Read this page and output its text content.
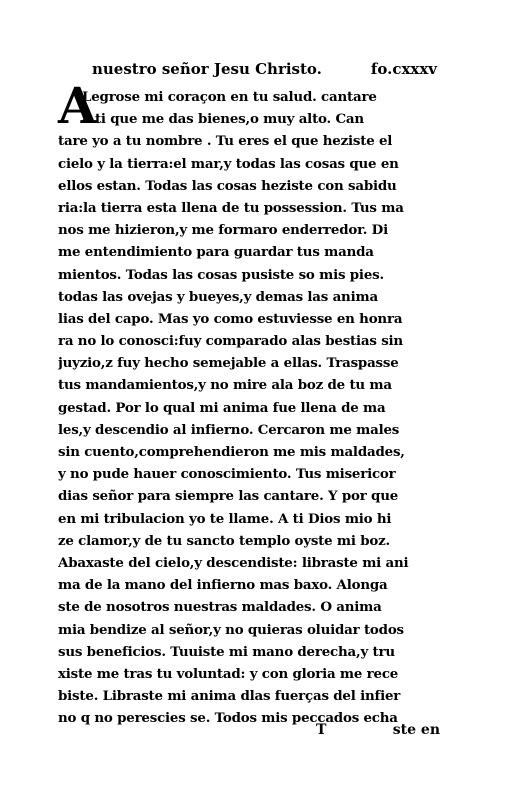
nuestro señor Jesu Christo.	fo.cxxxv
A
Legrose mi coraçon en tu salud. cantare
a ti que me das bienes,o muy alto. Can
tare yo a tu nombre . Tu eres el que heziste el
cielo y la tierra:el mar,y todas las cosas que en
ellos estan. Todas las cosas heziste con sabidu
ria:la tierra esta llena de tu possession. Tus ma
nos me hizieron,y me formaro enderredor. Di
me entendimiento para guardar tus manda
mientos. Todas las cosas pusiste so mis pies.
todas las ovejas y bueyes,y demas las anima
lias del capo. Mas yo como estuviesse en honra
ra no lo conosci:fuy comparado alas bestias sin
juyzio,z fuy hecho semejable a ellas. Traspasse
tus mandamientos,y no mire ala boz de tu ma
gestad. Por lo qual mi anima fue llena de ma
les,y descendio al infierno. Cercaron me males
sin cuento,comprehendieron me mis maldades,
y no pude hauer conoscimiento. Tus misericor
dias señor para siempre las cantare. Y por que
en mi tribulacion yo te llame. A ti Dios mio hi
ze clamor,y de tu sancto templo oyste mi boz.
Abaxaste del cielo,y descendiste: libraste mi ani
ma de la mano del infierno mas baxo. Alonga
ste de nosotros nuestras maldades. O anima
mia bendize al señor,y no quieras oluidar todos
sus beneficios. Tuuiste mi mano derecha,y tru
xiste me tras tu voluntad: y con gloria me rece
biste. Libraste mi anima dlas fuerças del infier
no q no perescies se. Todos mis peccados echa
T	ste en
